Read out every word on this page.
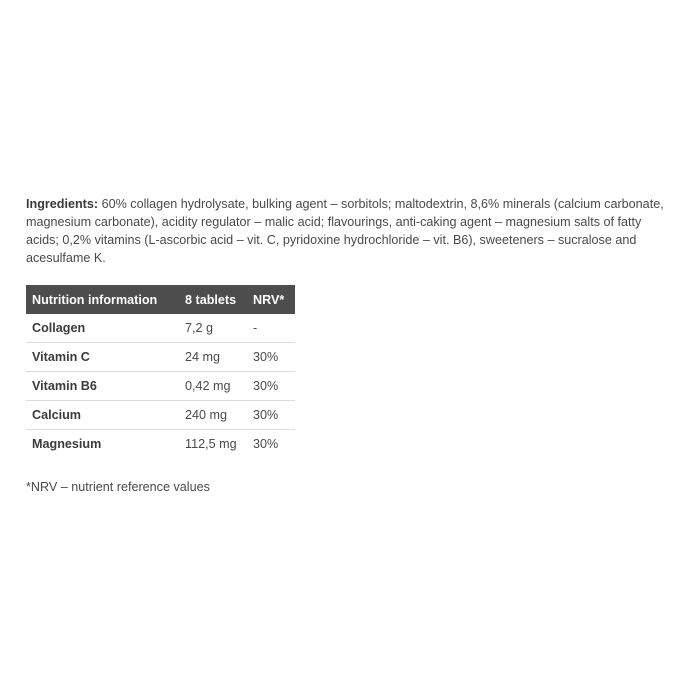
Ingredients: 60% collagen hydrolysate, bulking agent – sorbitols; maltodextrin, 8,6% minerals (calcium carbonate, magnesium carbonate), acidity regulator – malic acid; flavourings, anti-caking agent – magnesium salts of fatty acids; 0,2% vitamins (L-ascorbic acid – vit. C, pyridoxine hydrochloride – vit. B6), sweeteners – sucralose and acesulfame K.

Nutrition information	8 tablets	NRV*
Collagen	7,2 g	-
Vitamin C	24 mg	30%
Vitamin B6	0,42 mg	30%
Calcium	240 mg	30%
Magnesium	112,5 mg	30%
*NRV – nutrient reference values
